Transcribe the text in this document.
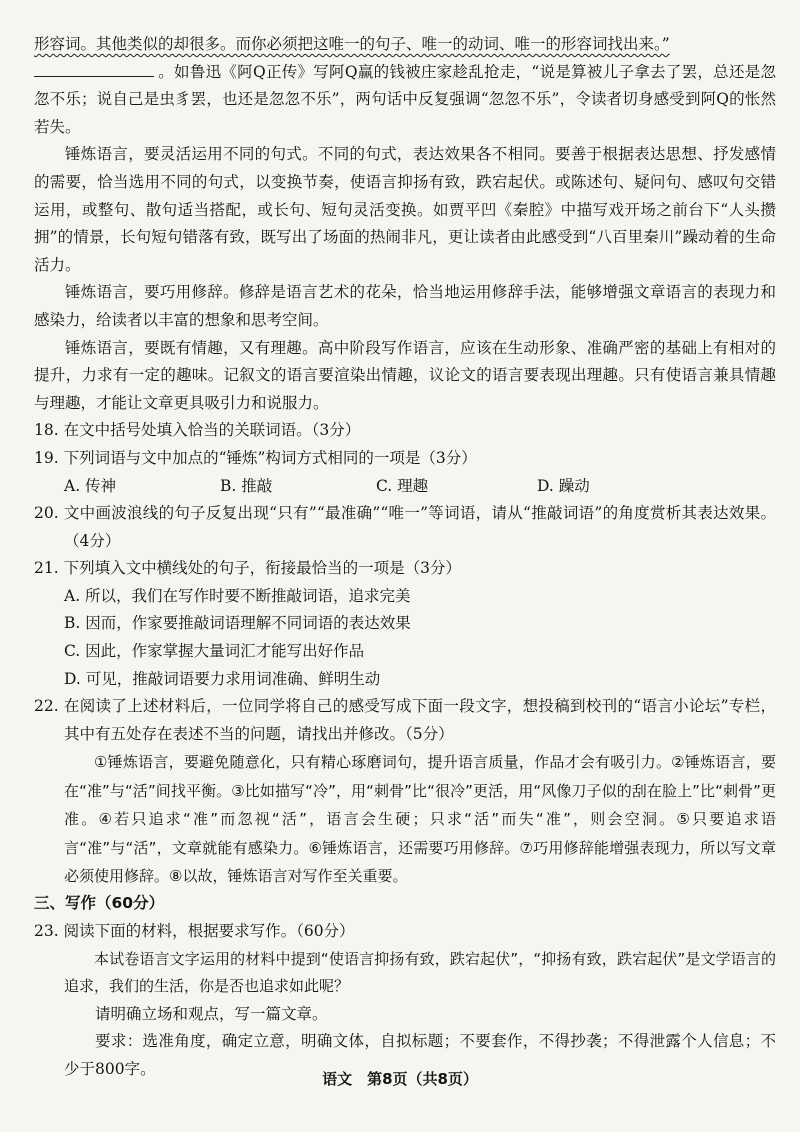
形容词。其他类似的却很多。而你必须把这唯一的句子、唯一的动词、唯一的形容词找出来。”

。如鲁迅《阿Q正传》写阿Q赢的钱被庄家趁乱抢走，“说是算被儿子拿去了罢，总还是忽忽不乐；说自己是虫豸罢，也还是忽忽不乐”，两句话中反复强调“忽忽不乐”，令读者切身感受到阿Q的怅然若失。

锤炼语言，要灵活运用不同的句式。不同的句式，表达效果各不相同。要善于根据表达思想、抒发感情的需要，恰当选用不同的句式，以变换节奏，使语言抑扬有致，跌宕起伏。或陈述句、疑问句、感叹句交错运用，或整句、散句适当搭配，或长句、短句灵活变换。如贾平凹《秦腔》中描写戏开场之前台下“人头攒拥”的情景，长句短句错落有致，既写出了场面的热闹非凡，更让读者由此感受到“八百里秦川”躁动着的生命活力。

锤炼语言，要巧用修辞。修辞是语言艺术的花朵，恰当地运用修辞手法，能够增强文章语言的表现力和感染力，给读者以丰富的想象和思考空间。

锤炼语言，要既有情趣，又有理趣。高中阶段写作语言，应该在生动形象、准确严密的基础上有相对的提升，力求有一定的趣味。记叙文的语言要渲染出情趣，议论文的语言要表现出理趣。只有使语言兼具情趣与理趣，才能让文章更具吸引力和说服力。

18. 在文中括号处填入恰当的关联词语。（3分）

19. 下列词语与文中加点的“锤炼”构词方式相同的一项是（3分）

A. 传神	B. 推敲	C. 理趣	D. 躁动

20. 文中画波浪线的句子反复出现“只有”“最准确”“唯一”等词语，请从“推敲词语”的角度赏析其表达效果。（4分）

21. 下列填入文中横线处的句子，衔接最恰当的一项是（3分）

A. 所以，我们在写作时要不断推敲词语，追求完美

B. 因而，作家要推敲词语理解不同词语的表达效果

C. 因此，作家掌握大量词汇才能写出好作品

D. 可见，推敲词语要力求用词准确、鲜明生动

22. 在阅读了上述材料后，一位同学将自己的感受写成下面一段文字，想投稿到校刊的“语言小论坛”专栏，其中有五处存在表述不当的问题，请找出并修改。（5分）

①锤炼语言，要避免随意化，只有精心琢磨词句，提升语言质量，作品才会有吸引力。②锤炼语言，要在“准”与“活”间找平衡。③比如描写“冷”，用“刺骨”比“很冷”更活，用“风像刀子似的刮在脸上”比“刺骨”更准。④若只追求“准”而忽视“活”，语言会生硬；只求“活”而失“准”，则会空洞。⑤只要追求语言“准”与“活”，文章就能有感染力。⑥锤炼语言，还需要巧用修辞。⑦巧用修辞能增强表现力，所以写文章必须使用修辞。⑧以故，锤炼语言对写作至关重要。

三、写作（60分）

23. 阅读下面的材料，根据要求写作。（60分）

本试卷语言文字运用的材料中提到“使语言抑扬有致，跌宕起伏”，“抑扬有致，跌宕起伏”是文学语言的追求，我们的生活，你是否也追求如此呢？

请明确立场和观点，写一篇文章。

要求：选准角度，确定立意，明确文体，自拟标题；不要套作，不得抄袭；不得泄露个人信息；不少于800字。

语文　第8页（共8页）
